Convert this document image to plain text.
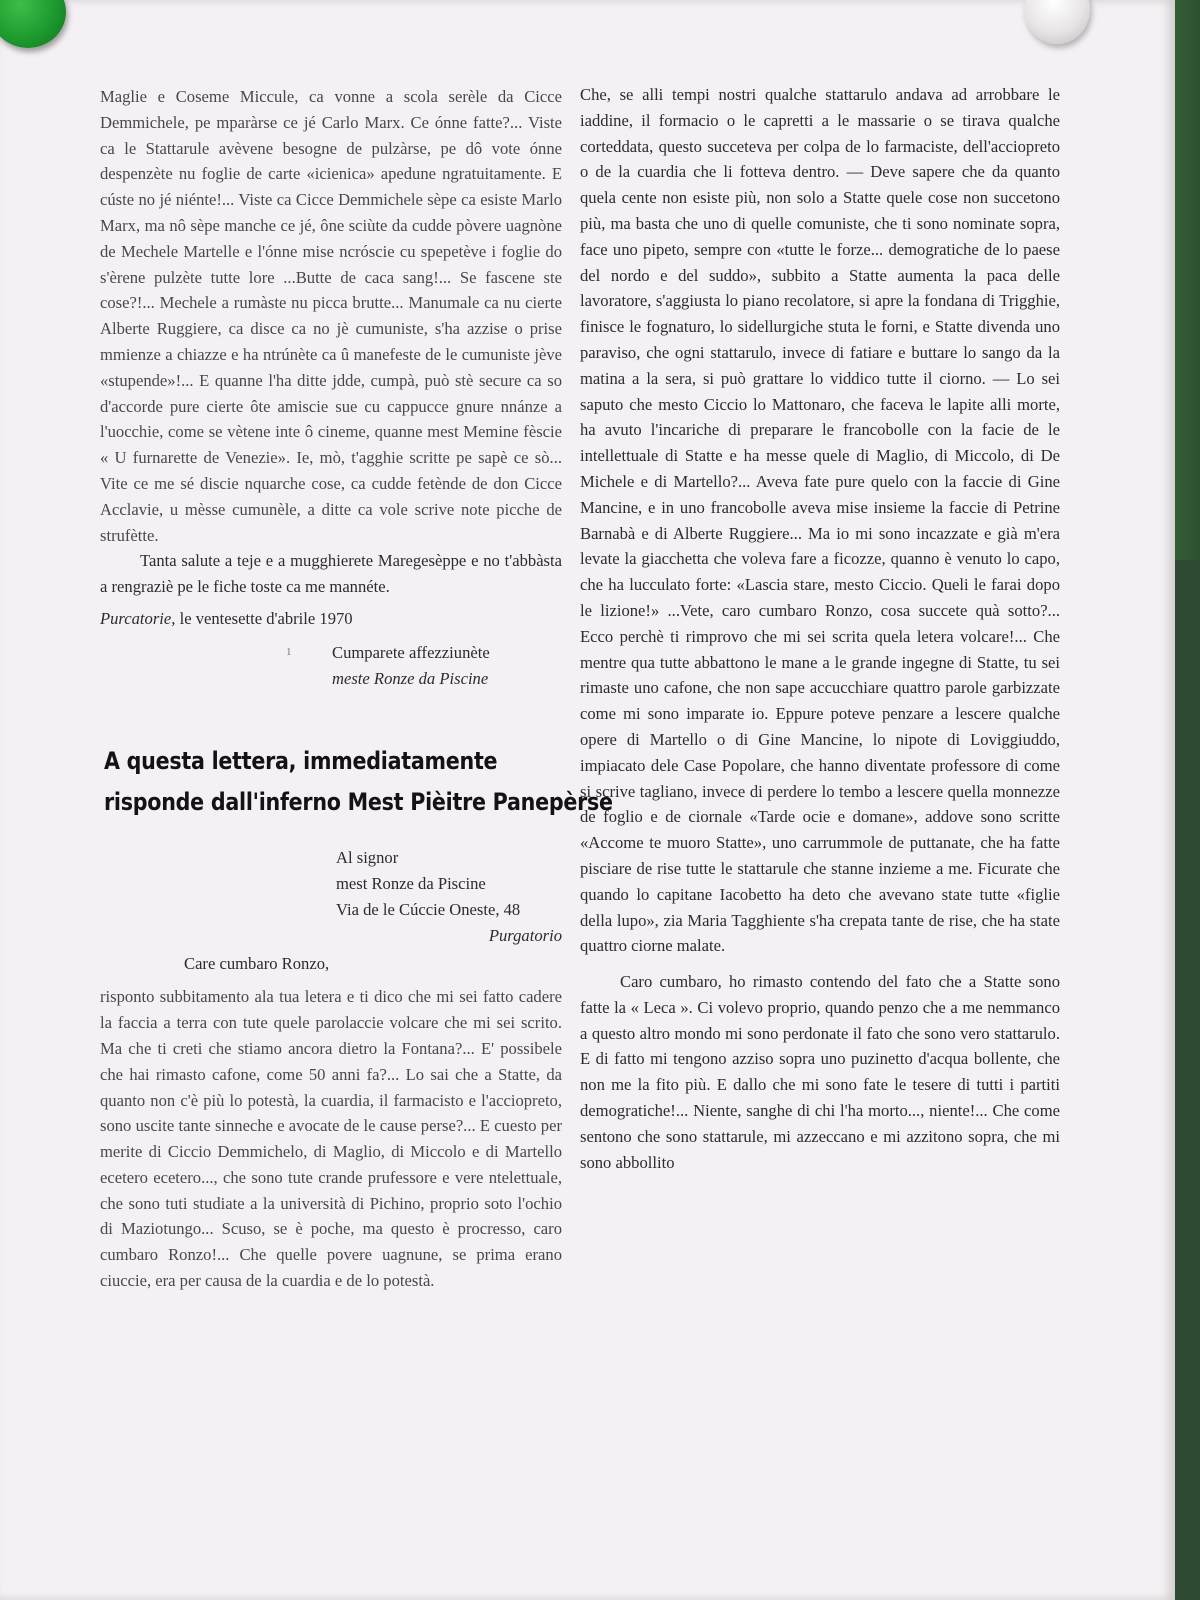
Maglie e Coseme Miccule, ca vonne a scola serèle da Cicce Demmichele, pe mparàrse ce jé Carlo Marx. Ce ónne fatte?... Viste ca le Stattarule avèvene besogne de pulzàrse, pe dô vote ónne despenzète nu foglie de carte «icienica» apedune ngratuitamente. E cúste no jé niénte!... Viste ca Cicce Demmichele sèpe ca esiste Marlo Marx, ma nô sèpe manche ce jé, ône sciùte da cudde pòvere uagnòne de Mechele Martelle e l'ónne mise ncróscie cu spepetève i foglie do s'èrene pulzète tutte lore ...Butte de caca sang!... Se fascene ste cose?!... Mechele a rumàste nu picca brutte... Manumale ca nu cierte Alberte Ruggiere, ca disce ca no jè cumuniste, s'ha azzise o prise mmienze a chiazze e ha ntrúnète ca û manefeste de le cumuniste jève «stupende»!... E quanne l'ha ditte jdde, cumpà, può stè secure ca so d'accorde pure cierte ôte amiscie sue cu cappucce gnure nnánze a l'uocchie, come se vètene inte ô cineme, quanne mest Memine fèscie « U furnarette de Venezie». Ie, mò, t'agghie scritte pe sapè ce sò... Vite ce me sé discie nquarche cose, ca cudde fetènde de don Cicce Acclavie, u mèsse cumunèle, a ditte ca vole scrive note picche de strufètte.

Tanta salute a teje e a mugghierete Maregesèppe e no t'abbàsta a rengraziè pe le fiche toste ca me mannéte.

Purcatorie, le ventesette d'abrile 1970

1 Cumparete affezziunète
meste Ronze da Piscine

A questa lettera, immediatamente
risponde dall'inferno Mest Pièitre Panepèrse

Al signor
mest Ronze da Piscine
Via de le Cúccie Oneste, 48
Purgatorio

Care cumbaro Ronzo,

risponto subbitamento ala tua letera e ti dico che mi sei fatto cadere la faccia a terra con tute quele parolaccie volcare che mi sei scrito. Ma che ti creti che stiamo ancora dietro la Fontana?... E' possibele che hai rimasto cafone, come 50 anni fa?... Lo sai che a Statte, da quanto non c'è più lo potestà, la cuardia, il farmacisto e l'acciopreto, sono uscite tante sinneche e avocate de le cause perse?... E cuesto per merite di Ciccio Demmichelo, di Maglio, di Miccolo e di Martello ecetero ecetero..., che sono tute crande prufessore e vere ntelettuale, che sono tuti studiate a la università di Pichino, proprio soto l'ochio di Maziotungo... Scuso, se è poche, ma questo è procresso, caro cumbaro Ronzo!... Che quelle povere uagnune, se prima erano ciuccie, era per causa de la cuardia e de lo potestà.

Che, se alli tempi nostri qualche stattarulo andava ad arrobbare le iaddine, il formacio o le capretti a le massarie o se tirava qualche corteddata, questo succeteva per colpa de lo farmaciste, dell'acciopreto o de la cuardia che li fotteva dentro. — Deve sapere che da quanto quela cente non esiste più, non solo a Statte quele cose non succetono più, ma basta che uno di quelle comuniste, che ti sono nominate sopra, face uno pipeto, sempre con «tutte le forze... demogratiche de lo paese del nordo e del suddo», subbito a Statte aumenta la paca delle lavoratore, s'aggiusta lo piano recolatore, si apre la fondana di Trigghie, finisce le fognaturo, lo sidellurgiche stuta le forni, e Statte divenda uno paraviso, che ogni stattarulo, invece di fatiare e buttare lo sango da la matina a la sera, si può grattare lo viddico tutte il ciorno. — Lo sei saputo che mesto Ciccio lo Mattonaro, che faceva le lapite alli morte, ha avuto l'incariche di preparare le francobolle con la facie de le intellettuale di Statte e ha messe quele di Maglio, di Miccolo, di De Michele e di Martello?... Aveva fate pure quelo con la faccie di Gine Mancine, e in uno francobolle aveva mise insieme la faccie di Petrine Barnabà e di Alberte Ruggiere... Ma io mi sono incazzate e già m'era levate la giacchetta che voleva fare a ficozze, quanno è venuto lo capo, che ha lucculato forte: «Lascia stare, mesto Ciccio. Queli le farai dopo le lizione!» ...Vete, caro cumbaro Ronzo, cosa succete quà sotto?... Ecco perchè ti rimprovo che mi sei scrita quela letera volcare!... Che mentre qua tutte abbattono le mane a le grande ingegne di Statte, tu sei rimaste uno cafone, che non sape accucchiare quattro parole garbizzate come mi sono imparate io. Eppure poteve penzare a lescere qualche opere di Martello o di Gine Mancine, lo nipote di Loviggiuddo, impiacato dele Case Popolare, che hanno diventate professore di come si scrive tagliano, invece di perdere lo tembo a lescere quella monnezze de foglio e de ciornale «Tarde ocie e domane», addove sono scritte «Accome te muoro Statte», uno carrummole de puttanate, che ha fatte pisciare de rise tutte le stattarule che stanne inzieme a me. Ficurate che quando lo capitane Iacobetto ha deto che avevano state tutte «figlie della lupo», zia Maria Tagghiente s'ha crepata tante de rise, che ha state quattro ciorne malate.

Caro cumbaro, ho rimasto contendo del fato che a Statte sono fatte la « Leca ». Ci volevo proprio, quando penzo che a me nemmanco a questo altro mondo mi sono perdonate il fato che sono vero stattarulo. E di fatto mi tengono azziso sopra uno puzinetto d'acqua bollente, che non me la fito più. E dallo che mi sono fate le tesere di tutti i partiti demogratiche!... Niente, sanghe di chi l'ha morto..., niente!... Che come sentono che sono stattarule, mi azzeccano e mi azzitono sopra, che mi sono abbollito
